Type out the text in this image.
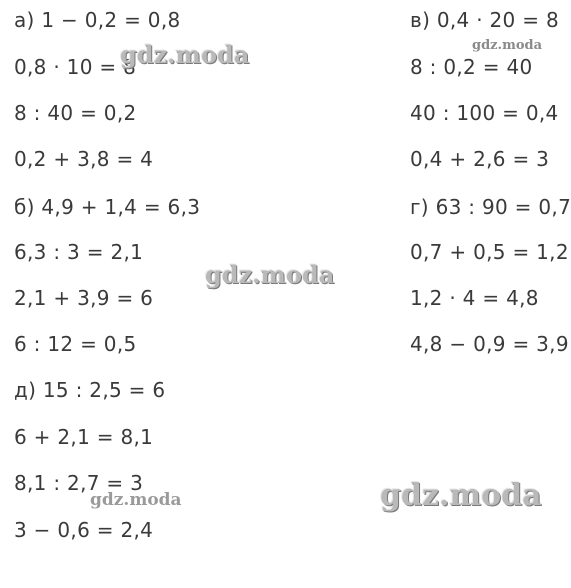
а) 1 − 0,2 = 0,8
0,8 · 10 = 8
8 : 40 = 0,2
0,2 + 3,8 = 4
б) 4,9 + 1,4 = 6,3
6,3 : 3 = 2,1
2,1 + 3,9 = 6
6 : 12 = 0,5
д) 15 : 2,5 = 6
6 + 2,1 = 8,1
8,1 : 2,7 = 3
3 − 0,6 = 2,4
в) 0,4 · 20 = 8
8 : 0,2 = 40
40 : 100 = 0,4
0,4 + 2,6 = 3
г) 63 : 90 = 0,7
0,7 + 0,5 = 1,2
1,2 · 4 = 4,8
4,8 − 0,9 = 3,9
gdz.moda	gdz.moda
gdz.moda
gdz.moda	gdz.moda
